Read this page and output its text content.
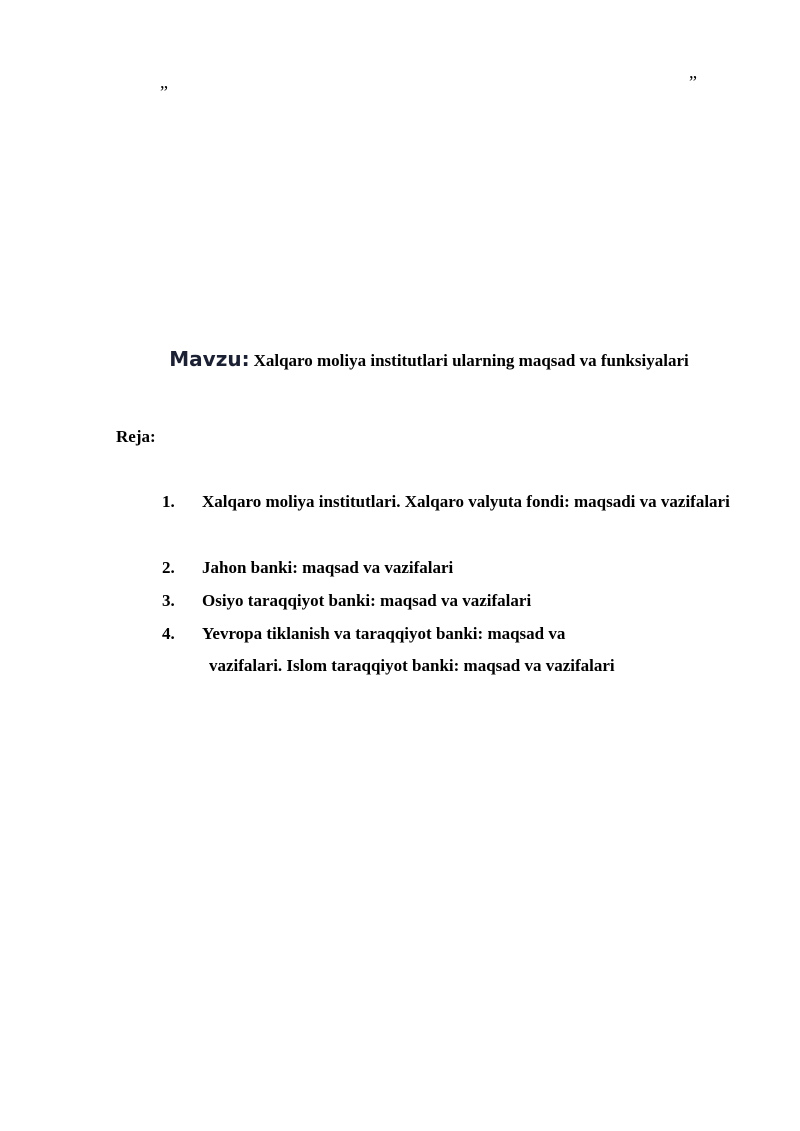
„	”
Mavzu: Xalqaro moliya institutlari ularning maqsad va funksiyalari
Reja:
1. Xalqaro moliya institutlari. Xalqaro valyuta fondi: maqsadi va vazifalari
2. Jahon banki: maqsad va vazifalari
3. Osiyo taraqqiyot banki: maqsad va vazifalari
4. Yevropa tiklanish va taraqqiyot banki: maqsad va
vazifalari. Islom taraqqiyot banki: maqsad va vazifalari
